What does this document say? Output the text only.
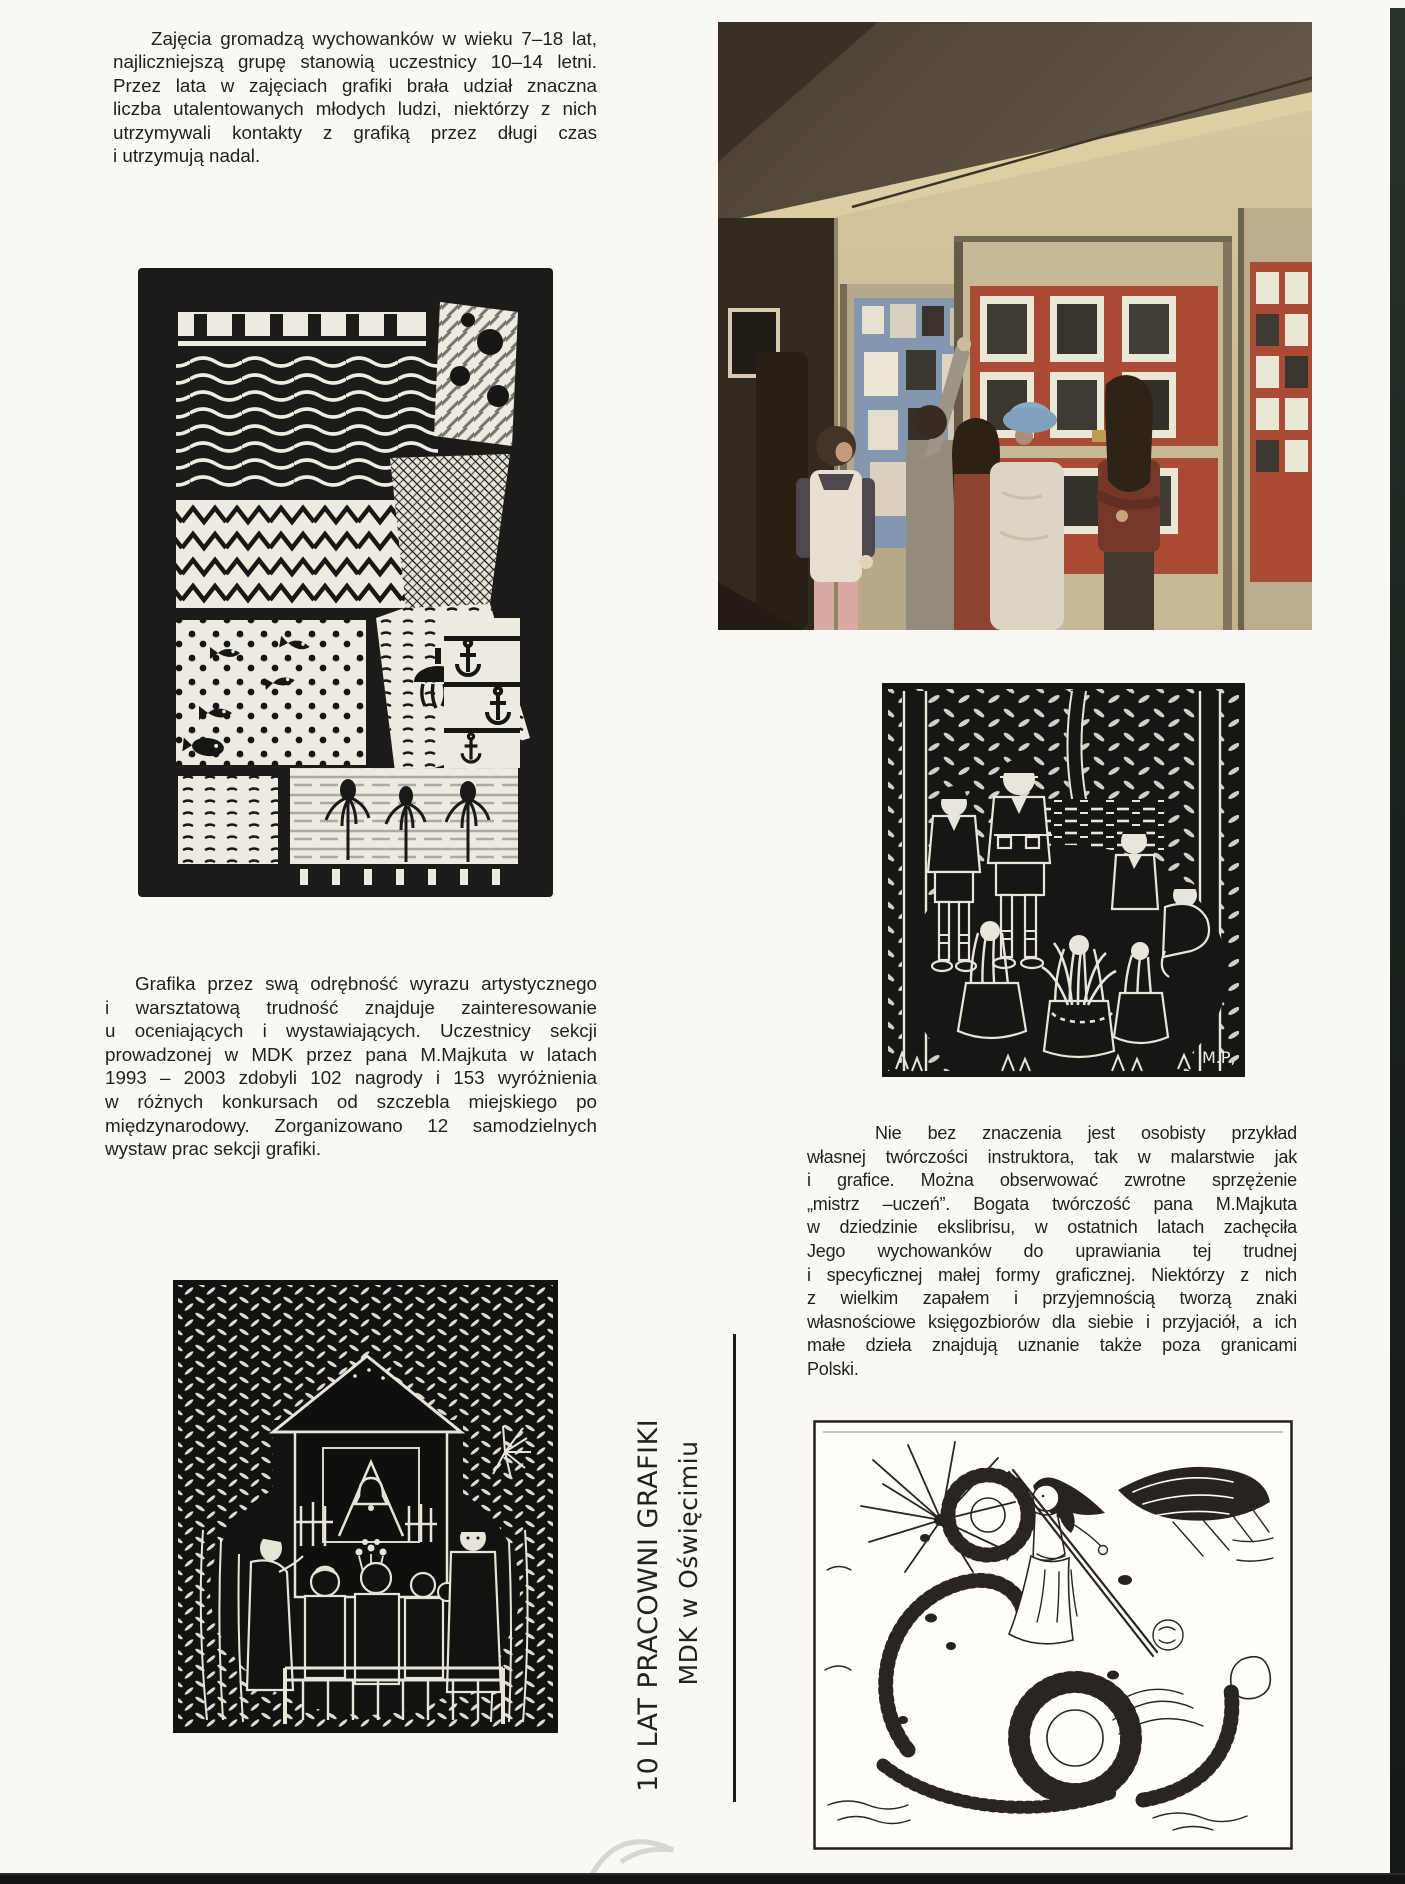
Zajęcia gromadzą wychowanków w wieku 7–18 lat,
najliczniejszą grupę stanowią uczestnicy 10–14 letni.
Przez lata w zajęciach grafiki brała udział znaczna
liczba utalentowanych młodych ludzi, niektórzy z nich
utrzymywali kontakty z grafiką przez długi czas
i utrzymują nadal.
M.P,
Grafika przez swą odrębność wyrazu artystycznego
i warsztatową trudność znajduje zainteresowanie
u oceniających i wystawiających. Uczestnicy sekcji
prowadzonej w MDK przez pana M.Majkuta w latach
1993 – 2003 zdobyli 102 nagrody i 153 wyróżnienia
w różnych konkursach od szczebla miejskiego po
międzynarodowy. Zorganizowano 12 samodzielnych
wystaw prac sekcji grafiki.
Nie bez znaczenia jest osobisty przykład
własnej twórczości instruktora, tak w malarstwie jak
i grafice. Można obserwować zwrotne sprzężenie
„mistrz –uczeń”. Bogata twórczość pana M.Majkuta
w dziedzinie ekslibrisu, w ostatnich latach zachęciła
Jego wychowanków do uprawiania tej trudnej
i specyficznej małej formy graficznej. Niektórzy z nich
z wielkim zapałem i przyjemnością tworzą znaki
własnościowe księgozbiorów dla siebie i przyjaciół, a ich
małe dzieła znajdują uznanie także poza granicami
Polski.
10 LAT PRACOWNI GRAFIKI MDK w Oświęcimiu
